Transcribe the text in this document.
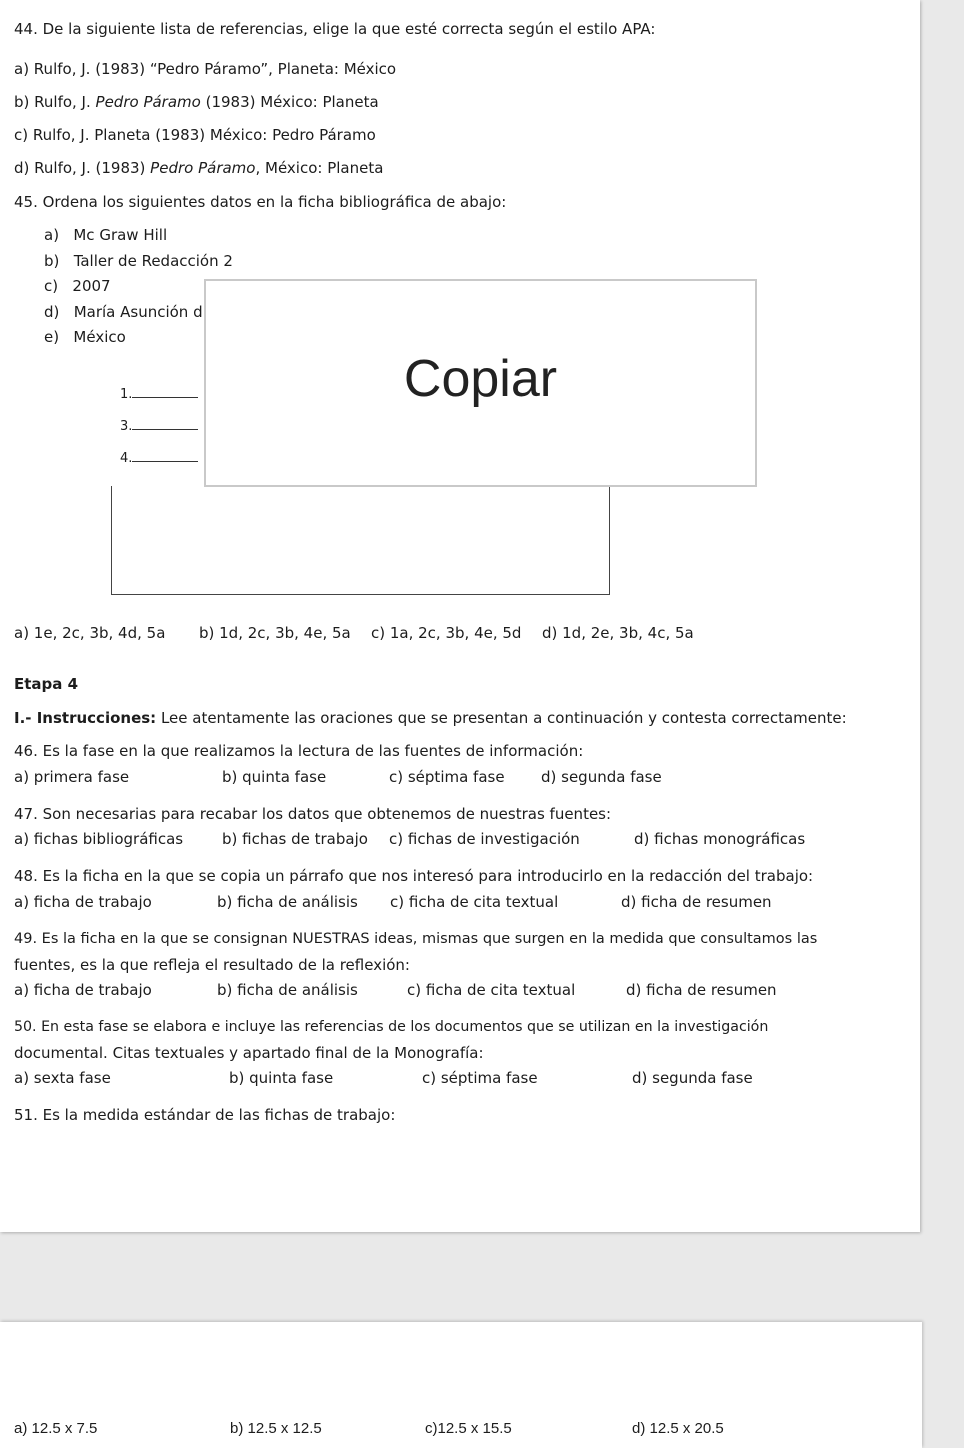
44. De la siguiente lista de referencias, elige la que esté correcta según el estilo APA:
a) Rulfo, J. (1983) “Pedro Páramo”, Planeta: México
b) Rulfo, J. Pedro Páramo (1983) México: Planeta
c) Rulfo, J. Planeta (1983) México: Pedro Páramo
d) Rulfo, J. (1983) Pedro Páramo, México: Planeta
45. Ordena los siguientes datos en la ficha bibliográfica de abajo:
a) Mc Graw Hill
b) Taller de Redacción 2
c) 2007
d) María Asunción d
e) México
1.
3.
4.
Copiar
a) 1e, 2c, 3b, 4d, 5a b) 1d, 2c, 3b, 4e, 5a c) 1a, 2c, 3b, 4e, 5d d) 1d, 2e, 3b, 4c, 5a
Etapa 4
I.- Instrucciones: Lee atentamente las oraciones que se presentan a continuación y contesta correctamente:
46. Es la fase en la que realizamos la lectura de las fuentes de información:
a) primera fase	b) quinta fase	c) séptima fase d) segunda fase
47. Son necesarias para recabar los datos que obtenemos de nuestras fuentes:
a) fichas bibliográficas	b) fichas de trabajo c) fichas de investigación	d) fichas monográficas
48. Es la ficha en la que se copia un párrafo que nos interesó para introducirlo en la redacción del trabajo:
a) ficha de trabajo	b) ficha de análisis c) ficha de cita textual	d) ficha de resumen
49. Es la ficha en la que se consignan NUESTRAS ideas, mismas que surgen en la medida que consultamos las
fuentes, es la que refleja el resultado de la reflexión:
a) ficha de trabajo	b) ficha de análisis	c) ficha de cita textual	d) ficha de resumen
50. En esta fase se elabora e incluye las referencias de los documentos que se utilizan en la investigación
documental. Citas textuales y apartado final de la Monografía:
a) sexta fase	b) quinta fase	c) séptima fase	d) segunda fase
51. Es la medida estándar de las fichas de trabajo:
a) 12.5 x 7.5	b) 12.5 x 12.5	c)12.5 x 15.5	d) 12.5 x 20.5
